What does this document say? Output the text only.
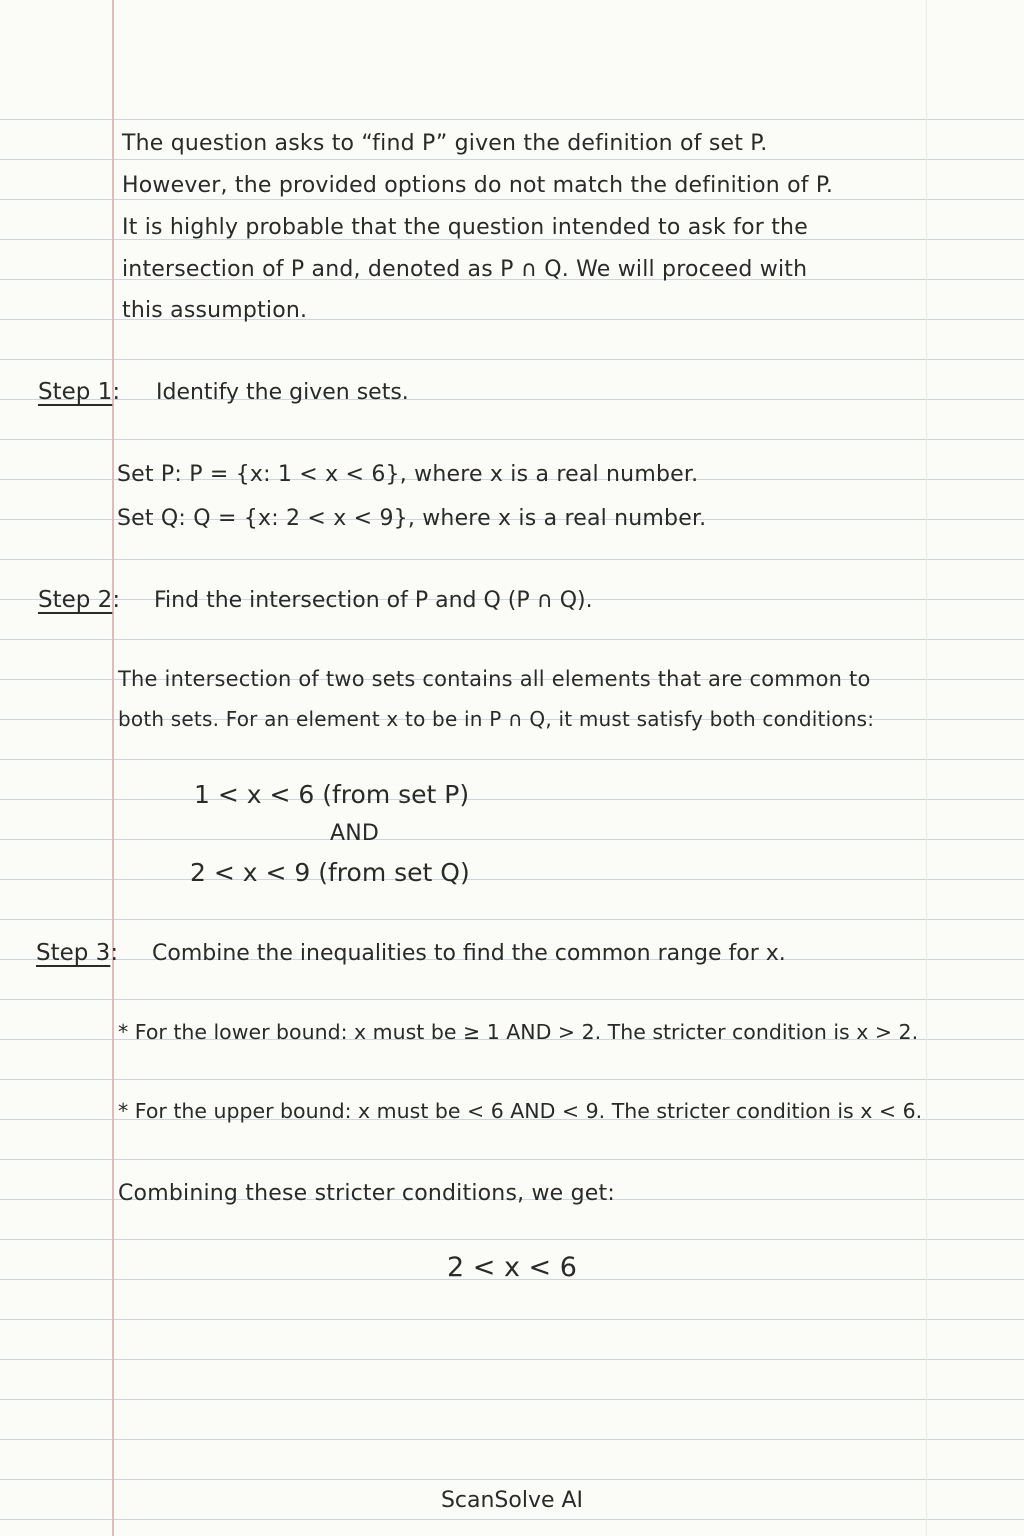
The question asks to “find P” given the definition of set P.
However, the provided options do not match the definition of P.
It is highly probable that the question intended to ask for the
intersection of P and, denoted as P ∩ Q. We will proceed with
this assumption.
Step 1: Identify the given sets.
Set P: P = {x: 1 < x < 6}, where x is a real number.
Set Q: Q = {x: 2 < x < 9}, where x is a real number.
Step 2: Find the intersection of P and Q (P ∩ Q).
The intersection of two sets contains all elements that are common to
both sets. For an element x to be in P ∩ Q, it must satisfy both conditions:
1 < x < 6 (from set P)
AND
2 < x < 9 (from set Q)
Step 3: Combine the inequalities to find the common range for x.
* For the lower bound: x must be ≥ 1 AND > 2. The stricter condition is x > 2.
* For the upper bound: x must be < 6 AND < 9. The stricter condition is x < 6.
Combining these stricter conditions, we get:
2 < x < 6
ScanSolve AI
